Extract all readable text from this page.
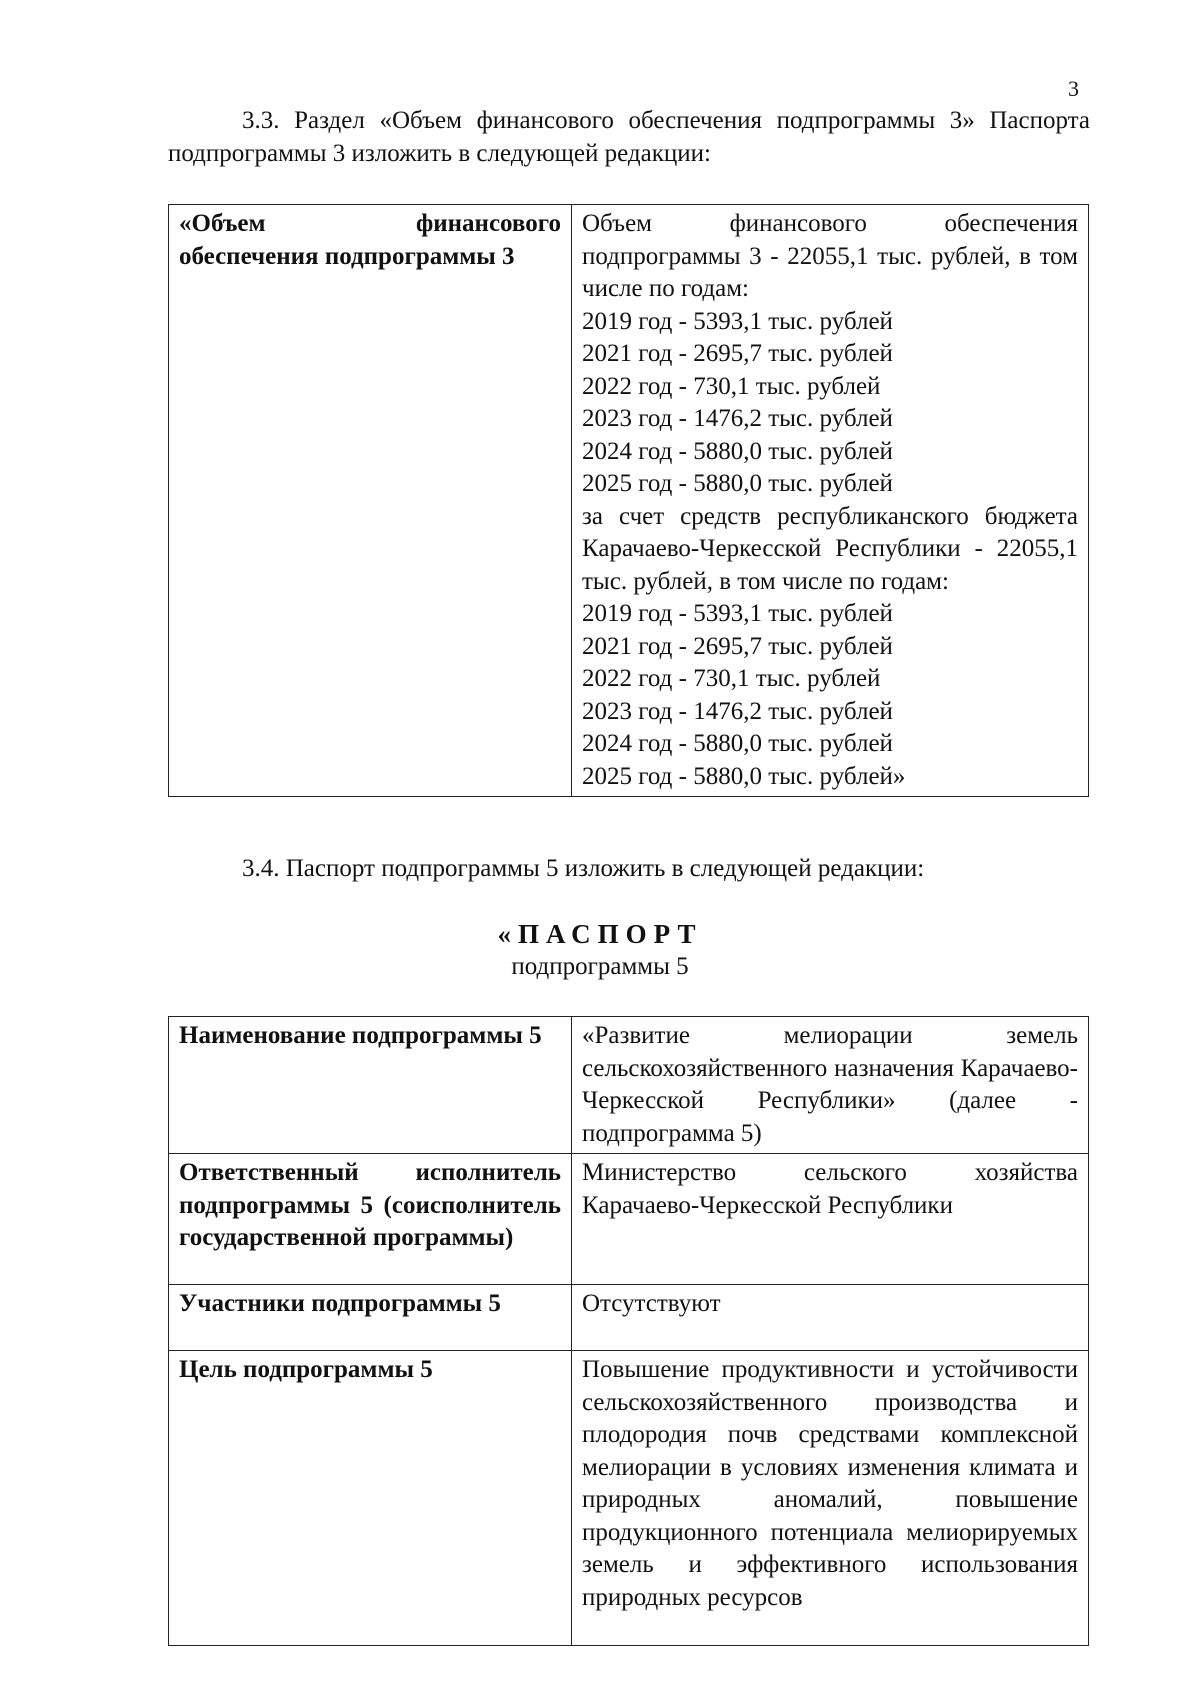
3
3.3. Раздел «Объем финансового обеспечения подпрограммы 3» Паспорта подпрограммы 3 изложить в следующей редакции:
«Объем финансового обеспечения подпрограммы 3	Объем финансового обеспечения подпрограммы 3 - 22055,1 тыс. рублей, в том числе по годам:
2019 год - 5393,1 тыс. рублей
2021 год - 2695,7 тыс. рублей
2022 год - 730,1 тыс. рублей
2023 год - 1476,2 тыс. рублей
2024 год - 5880,0 тыс. рублей
2025 год - 5880,0 тыс. рублей
за счет средств республиканского бюджета Карачаево-Черкесской Республики - 22055,1 тыс. рублей, в том числе по годам:
2019 год - 5393,1 тыс. рублей
2021 год - 2695,7 тыс. рублей
2022 год - 730,1 тыс. рублей
2023 год - 1476,2 тыс. рублей
2024 год - 5880,0 тыс. рублей
2025 год - 5880,0 тыс. рублей»
3.4. Паспорт подпрограммы 5 изложить в следующей редакции:
«ПАСПОРТ
подпрограммы 5
Наименование подпрограммы 5	«Развитие мелиорации земель сельскохозяйственного назначения Карачаево-Черкесской Республики» (далее - подпрограмма 5)
Ответственный исполнитель подпрограммы 5 (соисполнитель государственной программы)	Министерство сельского хозяйства Карачаево-Черкесской Республики
Участники подпрограммы 5	Отсутствуют
Цель подпрограммы 5	Повышение продуктивности и устойчивости сельскохозяйственного производства и плодородия почв средствами комплексной мелиорации в условиях изменения климата и природных аномалий, повышение продукционного потенциала мелиорируемых земель и эффективного использования природных ресурсов
